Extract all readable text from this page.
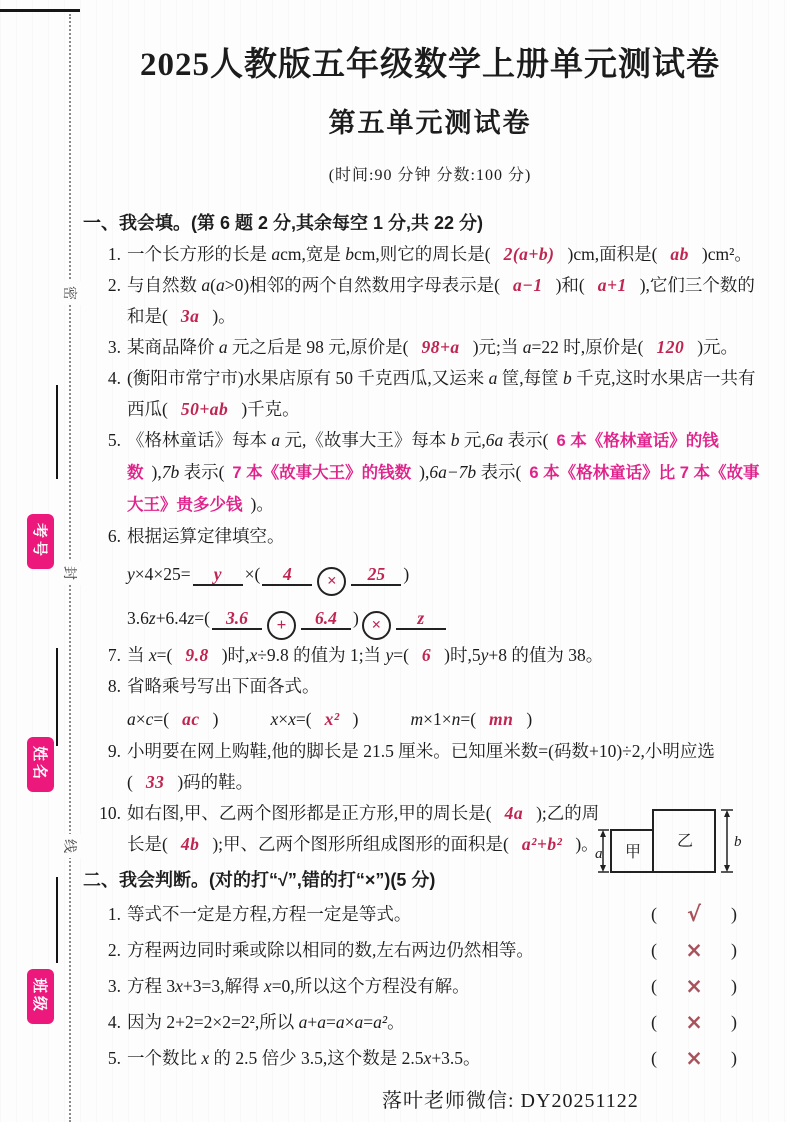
密
封
线
考号
姓名
班级
2025人教版五年级数学上册单元测试卷
第五单元测试卷
(时间:90 分钟 分数:100 分)
一、我会填。(第 6 题 2 分,其余每空 1 分,共 22 分)
1. 一个长方形的长是 acm,宽是 bcm,则它的周长是( 2(a+b) )cm,面积是( ab )cm²。
2. 与自然数 a(a>0)相邻的两个自然数用字母表示是( a−1 )和( a+1 ),它们三个数的和是( 3a )。
3. 某商品降价 a 元之后是 98 元,原价是( 98+a )元;当 a=22 时,原价是( 120 )元。
4. (衡阳市常宁市)水果店原有 50 千克西瓜,又运来 a 筐,每筐 b 千克,这时水果店一共有西瓜( 50+ab )千克。
5. 《格林童话》每本 a 元,《故事大王》每本 b 元,6a 表示( 6 本《格林童话》的钱数 ),7b 表示( 7 本《故事大王》的钱数 ),6a−7b 表示( 6 本《格林童话》比 7 本《故事大王》贵多少钱 )。
6. 根据运算定律填空。
y×4×25= y ×( 4 × 25 )
3.6z+6.4z=( 3.6 + 6.4 ) × z
7. 当 x=( 9.8 )时,x÷9.8 的值为 1;当 y=( 6 )时,5y+8 的值为 38。
8. 省略乘号写出下面各式。
a×c=( ac )	x×x=( x² )	m×1×n=( mn )
9. 小明要在网上购鞋,他的脚长是 21.5 厘米。已知厘米数=(码数+10)÷2,小明应选( 33 )码的鞋。
10. 如右图,甲、乙两个图形都是正方形,甲的周长是( 4a );乙的周长是( 4b );甲、乙两个图形所组成图形的面积是( a²+b² )。	甲
乙
a
b
二、我会判断。(对的打“√”,错的打“×”)(5 分)
1. 等式不一定是方程,方程一定是等式。	( √ )
2. 方程两边同时乘或除以相同的数,左右两边仍然相等。	( × )
3. 方程 3x+3=3,解得 x=0,所以这个方程没有解。	( × )
4. 因为 2+2=2×2=2²,所以 a+a=a×a=a²。	( × )
5. 一个数比 x 的 2.5 倍少 3.5,这个数是 2.5x+3.5。	( × )
落叶老师微信: DY20251122
